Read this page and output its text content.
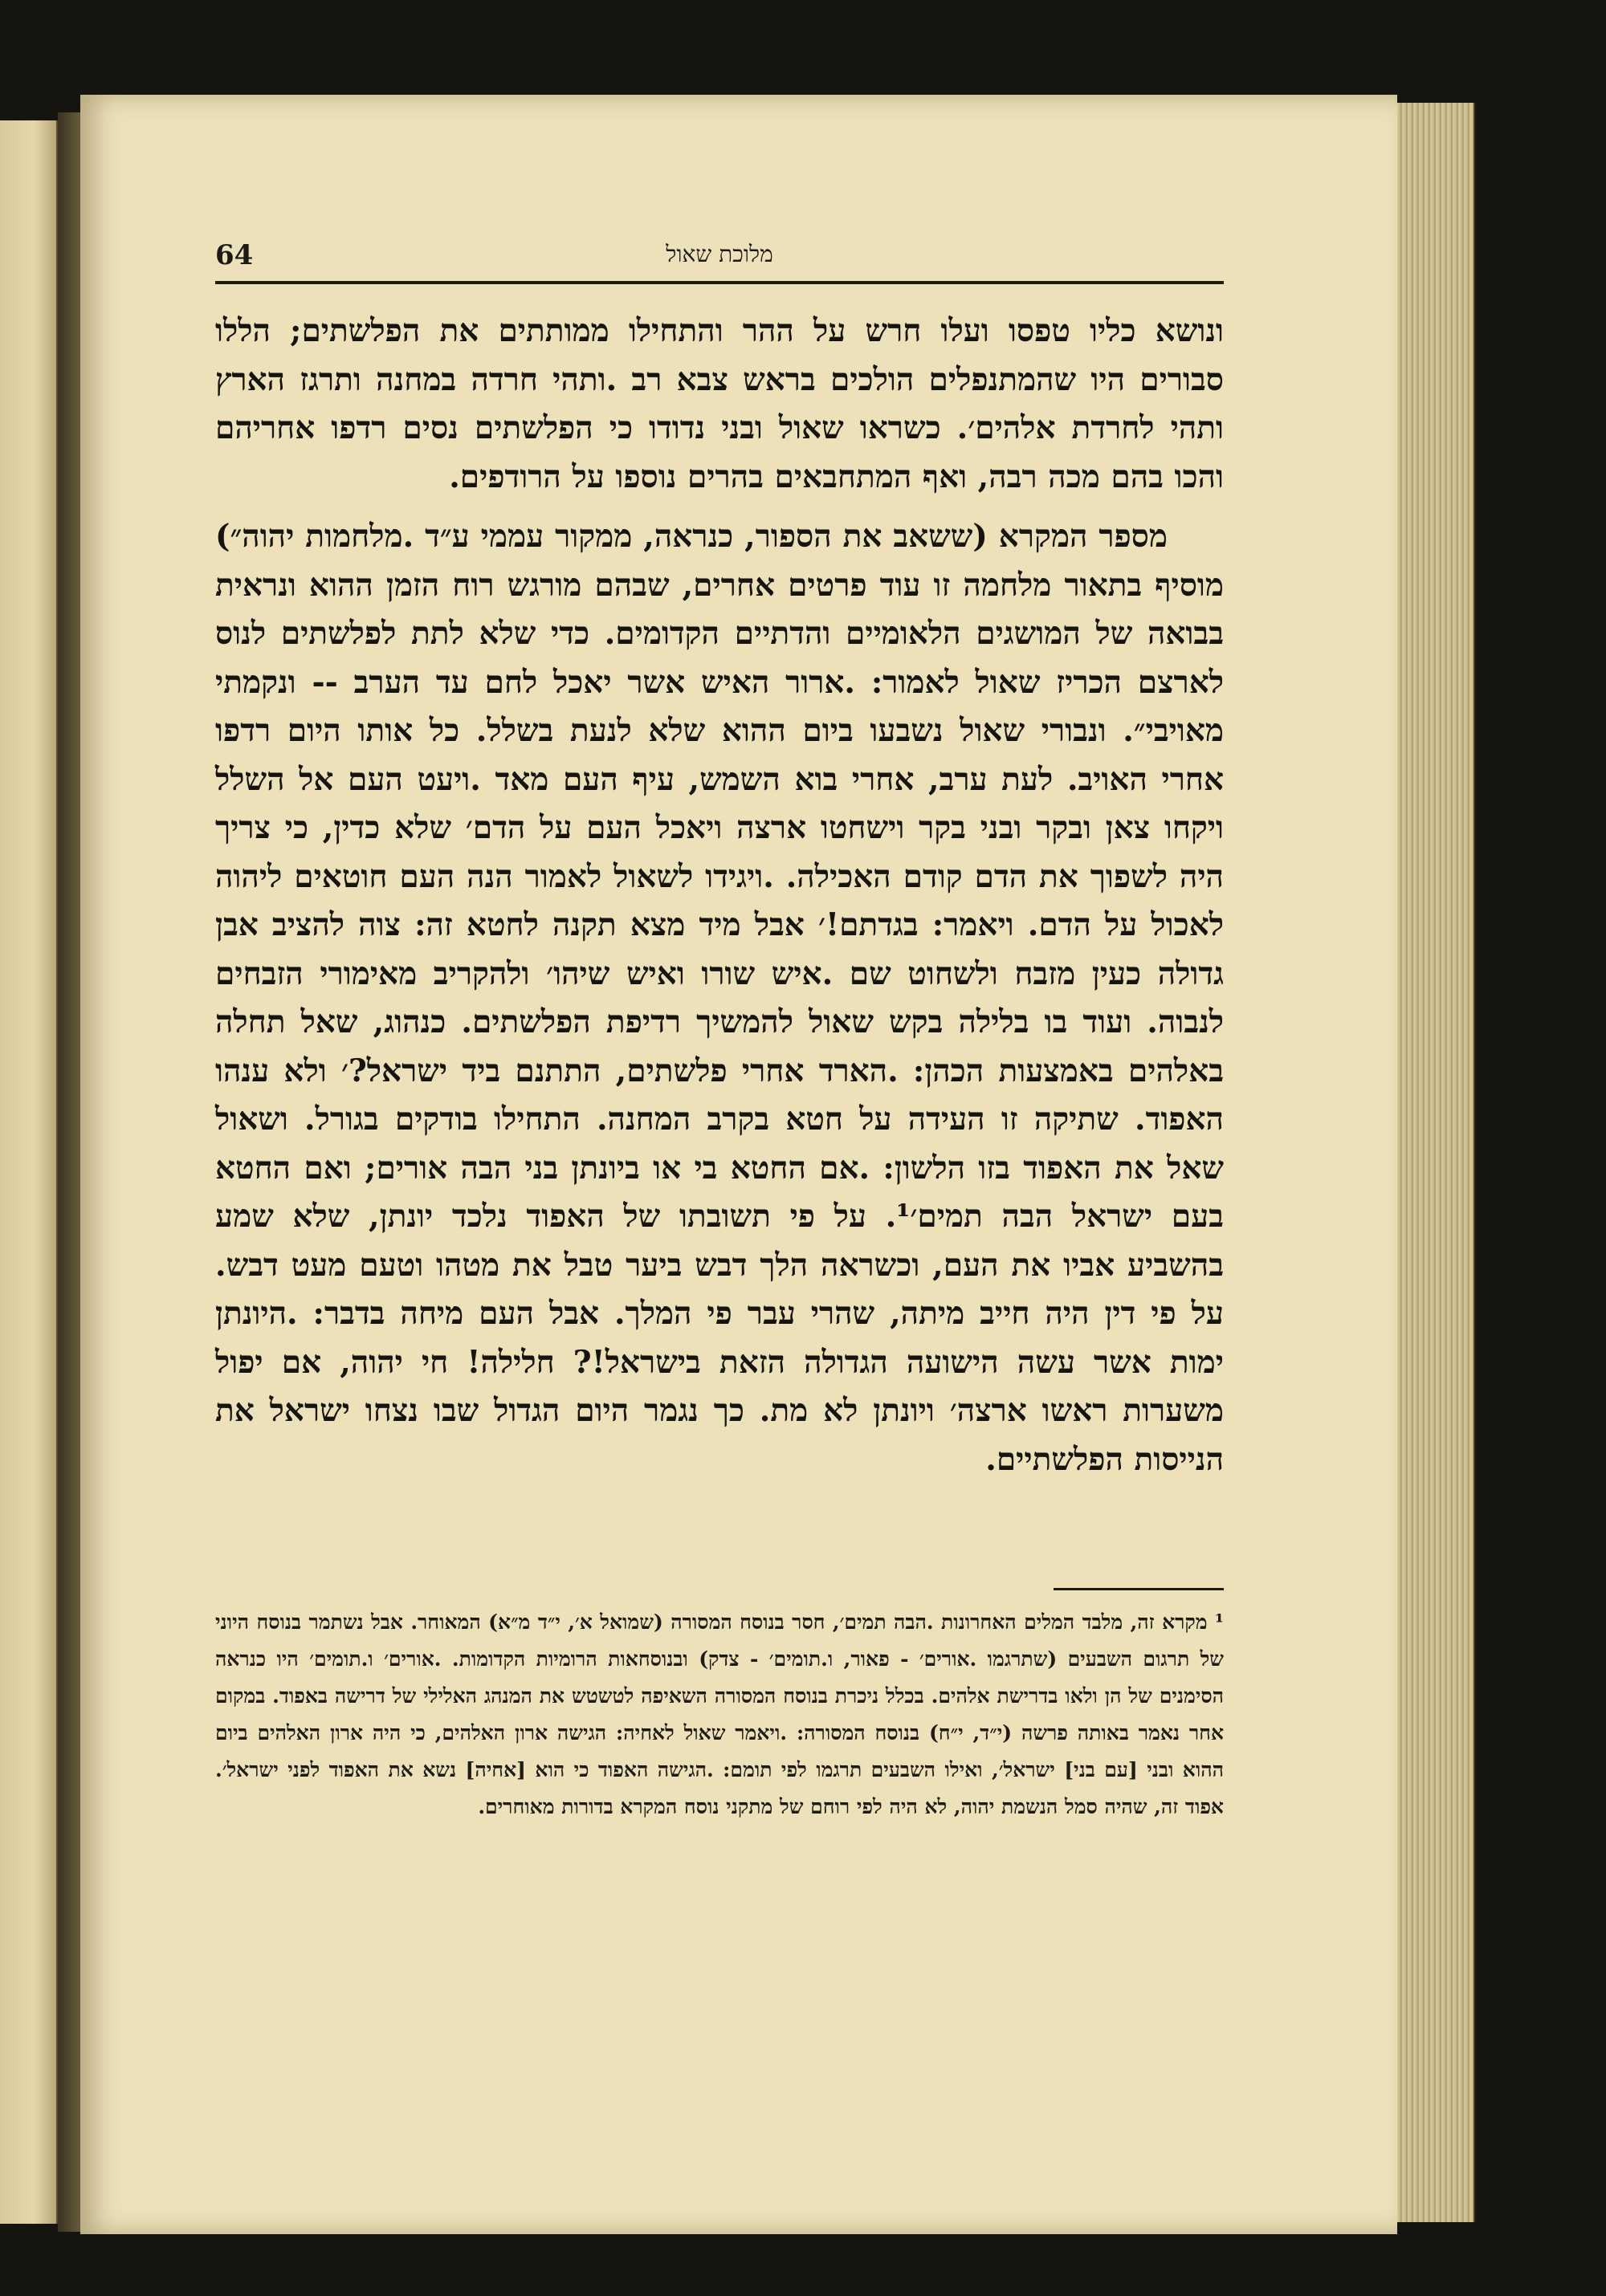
64	מלוכת שאול

ונושא כליו טפסו ועלו חרש על ההר והתחילו ממותתים את הפלשתים; הללו סבורים היו שהמתנפלים הולכים בראש צבא רב .ותהי חרדה במחנה ותרגז הארץ ותהי לחרדת אלהים׳. כשראו שאול ובני נדודו כי הפלשתים נסים רדפו אחריהם והכו בהם מכה רבה, ואף המתחבאים בהרים נוספו על הרודפים.

מספר המקרא (ששאב את הספור, כנראה, ממקור עממי ע״ד .מלחמות יהוה״) מוסיף בתאור מלחמה זו עוד פרטים אחרים, שבהם מורגש רוח הזמן ההוא ונראית בבואה של המושגים הלאומיים והדתיים הקדומים. כדי שלא לתת לפלשתים לנוס לארצם הכריז שאול לאמור: .ארור האיש אשר יאכל לחם עד הערב -- ונקמתי מאויבי״. ונבורי שאול נשבעו ביום ההוא שלא לנעת בשלל. כל אותו היום רדפו אחרי האויב. לעת ערב, אחרי בוא השמש, עיף העם מאד .ויעט העם אל השלל ויקחו צאן ובקר ובני בקר וישחטו ארצה ויאכל העם על הדם׳ שלא כדין, כי צריך היה לשפוך את הדם קודם האכילה. .ויגידו לשאול לאמור הנה העם חוטאים ליהוה לאכול על הדם. ויאמר: בגדתם!׳ אבל מיד מצא תקנה לחטא זה: צוה להציב אבן גדולה כעין מזבח ולשחוט שם .איש שורו ואיש שיהו׳ ולהקריב מאימורי הזבחים לנבוה. ועוד בו בלילה בקש שאול להמשיך רדיפת הפלשתים. כנהוג, שאל תחלה באלהים באמצעות הכהן: .הארד אחרי פלשתים, התתנם ביד ישראל?׳ ולא ענהו האפוד. שתיקה זו העידה על חטא בקרב המחנה. התחילו בודקים בגורל. ושאול שאל את האפוד בזו הלשון: .אם החטא בי או ביונתן בני הבה אורים; ואם החטא בעם ישראל הבה תמים׳¹. על פי תשובתו של האפוד נלכד יונתן, שלא שמע בהשביע אביו את העם, וכשראה הלך דבש ביער טבל את מטהו וטעם מעט דבש. על פי דין היה חייב מיתה, שהרי עבר פי המלך. אבל העם מיחה בדבר: .היונתן ימות אשר עשה הישועה הגדולה הזאת בישראל!? חלילה! חי יהוה, אם יפול משערות ראשו ארצה׳ ויונתן לא מת. כך נגמר היום הגדול שבו נצחו ישראל את הנייסות הפלשתיים.

¹ מקרא זה, מלבד המלים האחרונות .הבה תמים׳, חסר בנוסח המסורה (שמואל א׳, י״ד מ״א) המאוחר. אבל נשתמר בנוסח היוני של תרגום השבעים (שתרגמו .אורים׳ - פאור, ו.תומים׳ - צדק) ובנוסחאות הרומיות הקדומות. .אורים׳ ו.תומים׳ היו כנראה הסימנים של הן ולאו בדרישת אלהים. בכלל ניכרת בנוסח המסורה השאיפה לטשטש את המנהג האלילי של דרישה באפוד. במקום אחר נאמר באותה פרשה (י״ד, י״ח) בנוסח המסורה: .ויאמר שאול לאחיה: הגישה ארון האלהים, כי היה ארון האלהים ביום ההוא ובני [עם בני] ישראל׳, ואילו השבעים תרגמו לפי תומם: .הגישה האפוד כי הוא [אחיה] נשא את האפוד לפני ישראל׳. אפוד זה, שהיה סמל הנשמת יהוה, לא היה לפי רוחם של מתקני נוסח המקרא בדורות מאוחרים.
